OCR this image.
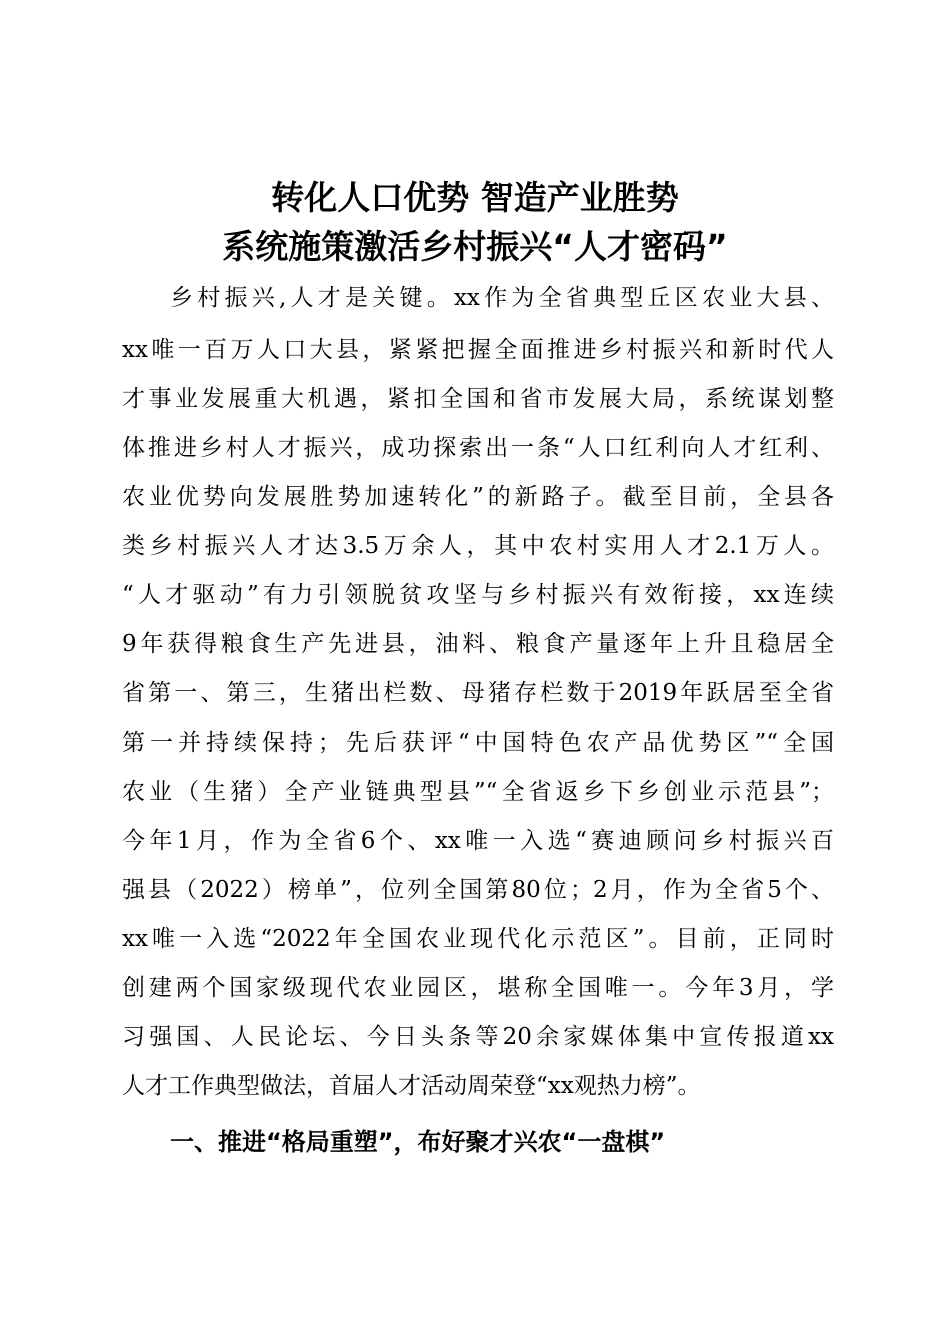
转化人口优势 智造产业胜势
系统施策激活乡村振兴“人才密码”
乡村振兴,人才是关键。xx作为全省典型丘区农业大县、
xx唯一百万人口大县，紧紧把握全面推进乡村振兴和新时代人
才事业发展重大机遇，紧扣全国和省市发展大局，系统谋划整
体推进乡村人才振兴，成功探索出一条“人口红利向人才红利、
农业优势向发展胜势加速转化”的新路子。截至目前，全县各
类乡村振兴人才达3.5万余人，其中农村实用人才2.1万人。
“人才驱动”有力引领脱贫攻坚与乡村振兴有效衔接，xx连续
9年获得粮食生产先进县，油料、粮食产量逐年上升且稳居全
省第一、第三，生猪出栏数、母猪存栏数于2019年跃居至全省
第一并持续保持；先后获评“中国特色农产品优势区”“全国
农业（生猪）全产业链典型县”“全省返乡下乡创业示范县”；
今年1月，作为全省6个、xx唯一入选“赛迪顾问乡村振兴百
强县（2022）榜单”，位列全国第80位；2月，作为全省5个、
xx唯一入选“2022年全国农业现代化示范区”。目前，正同时
创建两个国家级现代农业园区，堪称全国唯一。今年3月，学
习强国、人民论坛、今日头条等20余家媒体集中宣传报道xx
人才工作典型做法，首届人才活动周荣登“xx观热力榜”。
一、推进“格局重塑”，布好聚才兴农“一盘棋”
